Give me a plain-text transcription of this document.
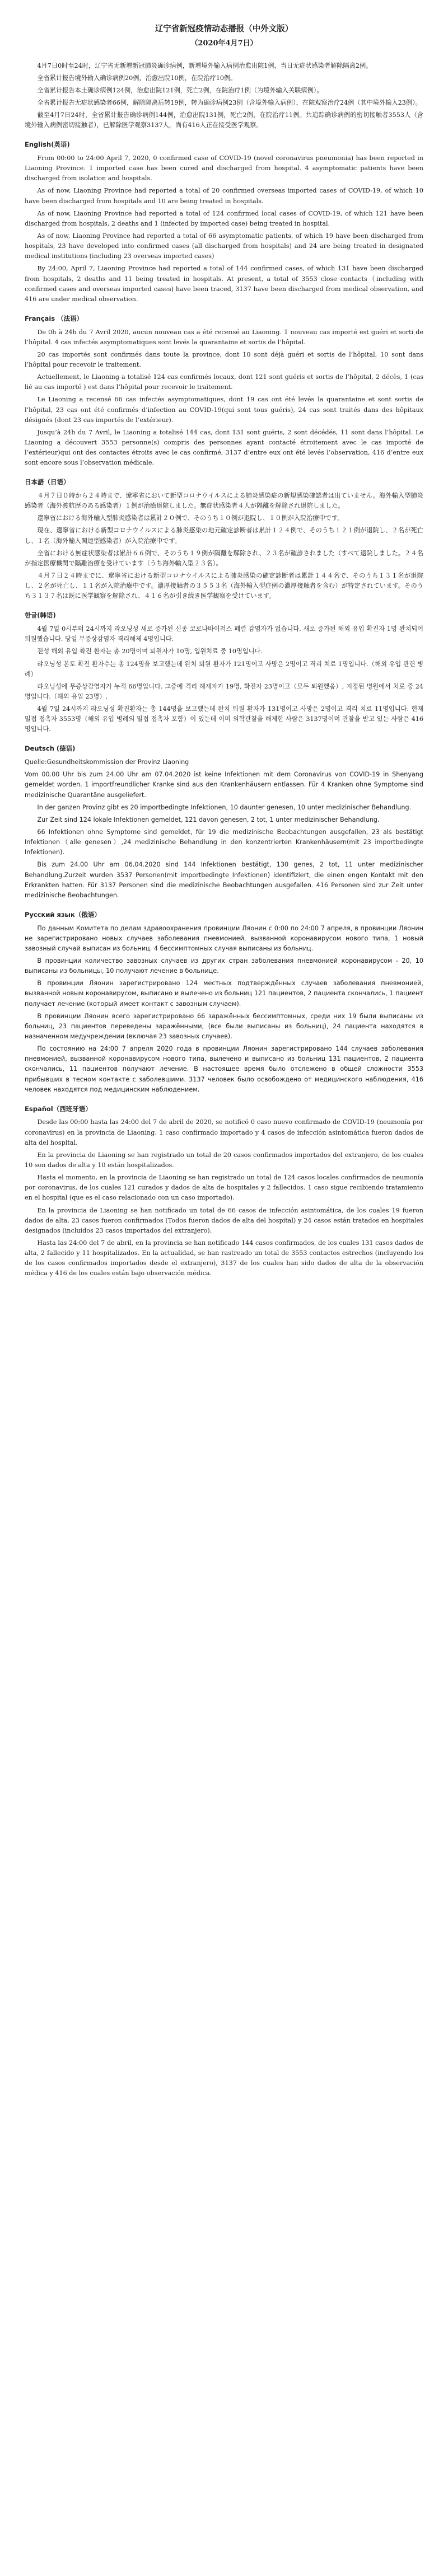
辽宁省新冠疫情动态播报（中外文版）
（2020年4月7日）

4月7日0时至24时，辽宁省无新增新冠肺炎确诊病例，新增境外输入病例治愈出院1例，当日无症状感染者解除隔离2例。

全省累计报告境外输入确诊病例20例，治愈出院10例，在院治疗10例。

全省累计报告本土确诊病例124例，治愈出院121例，死亡2例，在院治疗1例（为境外输入关联病例）。

全省累计报告无症状感染者66例，解除隔离后转19例，转为确诊病例23例（含境外输入病例），在院观察治疗24例（其中境外输入23例）。

截至4月7日24时，全省累计报告确诊病例144例，治愈出院131例，死亡2例，在院治疗11例。共追踪确诊病例的密切接触者3553人（含境外输入病例密切接触者），已解除医学观察3137人，尚有416人正在接受医学观察。

English(英语)

From 00:00 to 24:00 April 7, 2020, 0 confirmed case of COVID-19 (novel coronavirus pneumonia) has been reported in Liaoning Province. 1 imported case has been cured and discharged from hospital. 4 asymptomatic patients have been discharged from isolation and hospitals.

As of now, Liaoning Province had reported a total of 20 confirmed overseas imported cases of COVID-19, of which 10 have been discharged from hospitals and 10 are being treated in hospitals.

As of now, Liaoning Province had reported a total of 124 confirmed local cases of COVID-19, of which 121 have been discharged from hospitals, 2 deaths and 1 (infected by imported case) being treated in hospital.

As of now, Liaoning Province had reported a total of 66 asymptomatic patients, of which 19 have been discharged from hospitals, 23 have developed into confirmed cases (all discharged from hospitals) and 24 are being treated in designated medical institutions (including 23 overseas imported cases)

By 24:00, April 7, Liaoning Province had reported a total of 144 confirmed cases, of which 131 have been discharged from hospitals, 2 deaths and 11 being treated in hospitals. At present, a total of 3553 close contacts（including with confirmed cases and overseas imported cases) have been traced, 3137 have been discharged from medical observation, and 416 are under medical observation.

Français （法语）

De 0h à 24h du 7 Avril 2020, aucun nouveau cas a été recensé au Liaoning. 1 nouveau cas importé est guéri et sorti de l’hôpital. 4 cas infectés asymptomatiques sont levés la quarantaine et sortis de l’hôpital.

20 cas importés sont confirmés dans toute la province, dont 10 sont déjà guéri et sortis de l’hôpital, 10 sont dans l’hôpital pour recevoir le traitement.

Actuellement, le Liaoning a totalisé 124 cas confirmés locaux, dont 121 sont guéris et sortis de l’hôpital, 2 décès, 1 (cas lié au cas importé ) est dans l’hôpital pour recevoir le traitement.

Le Liaoning a recensé 66 cas infectés asymptomatiques, dont 19 cas ont été levés la quarantaine et sont sortis de l’hôpital, 23 cas ont été confirmés d’infection au COVID-19(qui sont tous guéris), 24 cas sont traités dans des hôpitaux désignés (dont 23 cas importés de l’extérieur).

Jusqu’à 24h du 7 Avril, le Liaoning a totalisé 144 cas, dont 131 sont guéris, 2 sont décédés, 11 sont dans l’hôpital. Le Liaoning a découvert 3553 personne(s) compris des personnes ayant contacté étroitement avec le cas importé de l’extérieur)qui ont des contactes étroits avec le cas confirmé, 3137 d’entre eux ont été levés l’observation, 416 d’entre eux sont encore sous l’observation médicale.

日本語（日语）

４月７日０時から２４時まで、遼寧省において新型コロナウイルスによる肺炎感染症の新規感染確認者は出ていません。海外輸入型肺炎感染者（海外渡航歴のある感染者）１例が治癒退院しました。無症状感染者４人が隔離を解除され退院しました。

遼寧省における海外輸入型肺炎感染者は累計２０例で、そのうち１０例が退院し、１０例が入院治療中です。

現在、遼寧省における新型コロナウイルスによる肺炎感染の地元確定診断者は累計１２４例で、そのうち１２１例が退院し、２名が死亡し、１名（海外輸入関連型感染者）が入院治療中です。

全省における無症状感染者は累計６６例で、そのうち１９例が隔離を解除され、２３名が確診されました（すべて退院しました。２４名が指定医療機関で隔離治療を受けています（うち海外輸入型２３名）。

４月７日２４時までに、遼寧省における新型コロナウイルスによる肺炎感染の確定診断者は累計１４４名で、そのうち１３１名が退院し、２名が死亡し、１１名が入院治療中です。濃厚接触者の３５５３名（海外輸入型症例の濃厚接触者を含む）が特定されています。そのうち３１３７名は既に医学観察を解除され、４１６名が引き続き医学観察を受けています。

한글(韩语)

4월 7일 0시부터 24시까지 랴오닝성 새로 증가된 신종 코로나바이러스 폐렴 감염자가 없습니다. 새로 증가된 해외 유입 확진자 1명 완치되어 퇴원했습니다. 당일 무증상감염자 격리해제 4명입니다.

전성 해외 유입 확진 환자는 총 20명이며 퇴원자가 10명, 입원치료 중 10명입니다.

랴오닝성 본토 확진 환자수는 총 124명을 보고했는데 완치 퇴원 환자가 121명이고 사망은 2명이고 격리 치료 1명입니다.（해외 유입 관련 병례）

랴오닝성에 무증상감염자가 누적 66명입니다. 그중에 격리 해제자가 19명, 확진자 23명이고（모두 퇴원했음）, 지정된 병원에서 치료 중 24명입니다.（해외 유입 23명）.

4월 7일 24시까지 랴오닝성 확진환자는 총 144명을 보고했는데 완치 퇴원 환자가 131명이고 사망은 2명이고 격리 치료 11명입니다. 현재 밀접 접촉자 3553명（해외 유입 병례의 밀접 접촉자 포함）이 있는데 이미 의학관찰을 해제한 사람은 3137명이며 관찰을 받고 있는 사람은 416명입니다.

Deutsch (德语)

Quelle:Gesundheitskommission der Provinz Liaoning

Vom 00.00 Uhr bis zum 24.00 Uhr am 07.04.2020 ist keine Infektionen mit dem Coronavirus von COVID-19 in Shenyang gemeldet worden. 1 importfreundlicher Kranke sind aus den Krankenhäusern entlassen. Für 4 Kranken ohne Symptome sind medizinische Quarantäne ausgeliefert.

In der ganzen Provinz gibt es 20 importbedingte Infektionen, 10 daunter genesen, 10 unter medizinischer Behandlung.

Zur Zeit sind 124 lokale Infektionen gemeldet, 121 davon genesen, 2 tot, 1 unter medizinischer Behandlung.

66 Infektionen ohne Symptome sind gemeldet, für 19 die medizinische Beobachtungen ausgefallen, 23 als bestätigt Infektionen（alle genesen）,24 medizinische Behandlung in den konzentrierten Krankenhäusern(mit 23 importbedingte Infektionen).

Bis zum 24.00 Uhr am 06.04.2020 sind 144 Infektionen bestätigt, 130 genes, 2 tot, 11 unter medizinischer Behandlung.Zurzeit wurden 3537 Personen(mit importbedingte Infektionen) identifiziert, die einen engen Kontakt mit den Erkrankten hatten. Für 3137 Personen sind die medizinische Beobachtungen ausgefallen. 416 Personen sind zur Zeit unter medizinische Beobachtungen.

Русский язык（俄语）

По данным Комитета по делам здравоохранения провинции Ляонин с 0:00 по 24:00 7 апреля, в провинции Ляонин не зарегистрировано новых случаев заболевания пневмонией, вызванной коронавирусом нового типа, 1 новый завозный случай выписан из больниц. 4 бессимптомных случая выписаны из больниц.

В провинции количество завозных случаев из других стран заболевания пневмонией коронавирусом - 20, 10 выписаны из больницы, 10 получают лечение в больнице.

В провинции Ляонин зарегистрировано 124 местных подтверждённых случаев заболевания пневмонией, вызванной новым коронавирусом, выписано и вылечено из больниц 121 пациентов, 2 пациента скончались, 1 пациент получает лечение (который имеет контакт с завозным случаем).

В провинции Ляонин всего зарегистрировано 66 заражённых бессимптомных, среди них 19 были выписаны из больниц, 23 пациентов переведены заражёнными, (все были выписаны из больниц), 24 пациента находятся в назначенном медучреждении (включая 23 завозных случаев).

По состоянию на 24:00 7 апреля 2020 года в провинции Ляонин зарегистрировано 144 случаев заболевания пневмонией, вызванной коронавирусом нового типа, вылечено и выписано из больниц 131 пациентов, 2 пациента скончались, 11 пациентов получают лечение. В настоящее время было отслежено в общей сложности 3553 прибывших в тесном контакте с заболевшими. 3137 человек было освобождено от медицинского наблюдения, 416 человек находятся под медицинским наблюдением.

Español（西班牙语）

Desde las 00:00 hasta las 24:00 del 7 de abril de 2020, se notificó 0 caso nuevo confirmado de COVID-19 (neumonía por coronavirus) en la provincia de Liaoning. 1 caso confirmado importado y 4 casos de infección asintomática fueron dados de alta del hospital.

En la provincia de Liaoning se han registrado un total de 20 casos confirmados importados del extranjero, de los cuales 10 son dados de alta y 10 están hospitalizados.

Hasta el momento, en la provincia de Liaoning se han registrado un total de 124 casos locales confirmados de neumonía por coronavirus, de los cuales 121 curados y dados de alta de hospitales y 2 fallecidos. 1 caso sigue recibiendo tratamiento en el hospital (que es el caso relacionado con un caso importado).

En la provincia de Liaoning se han notificado un total de 66 casos de infección asintomática, de los cuales 19 fueron dados de alta, 23 casos fueron confirmados (Todos fueron dados de alta del hospital) y 24 casos están tratados en hospitales designados (incluidos 23 casos importados del extranjero).

Hasta las 24:00 del 7 de abril, en la provincia se han notificado 144 casos confirmados, de los cuales 131 casos dados de alta, 2 fallecido y 11 hospitalizados. En la actualidad, se han rastreado un total de 3553 contactos estrechos (incluyendo los de los casos confirmados importados desde el extranjero), 3137 de los cuales han sido dados de alta de la observación médica y 416 de los cuales están bajo observación médica.
